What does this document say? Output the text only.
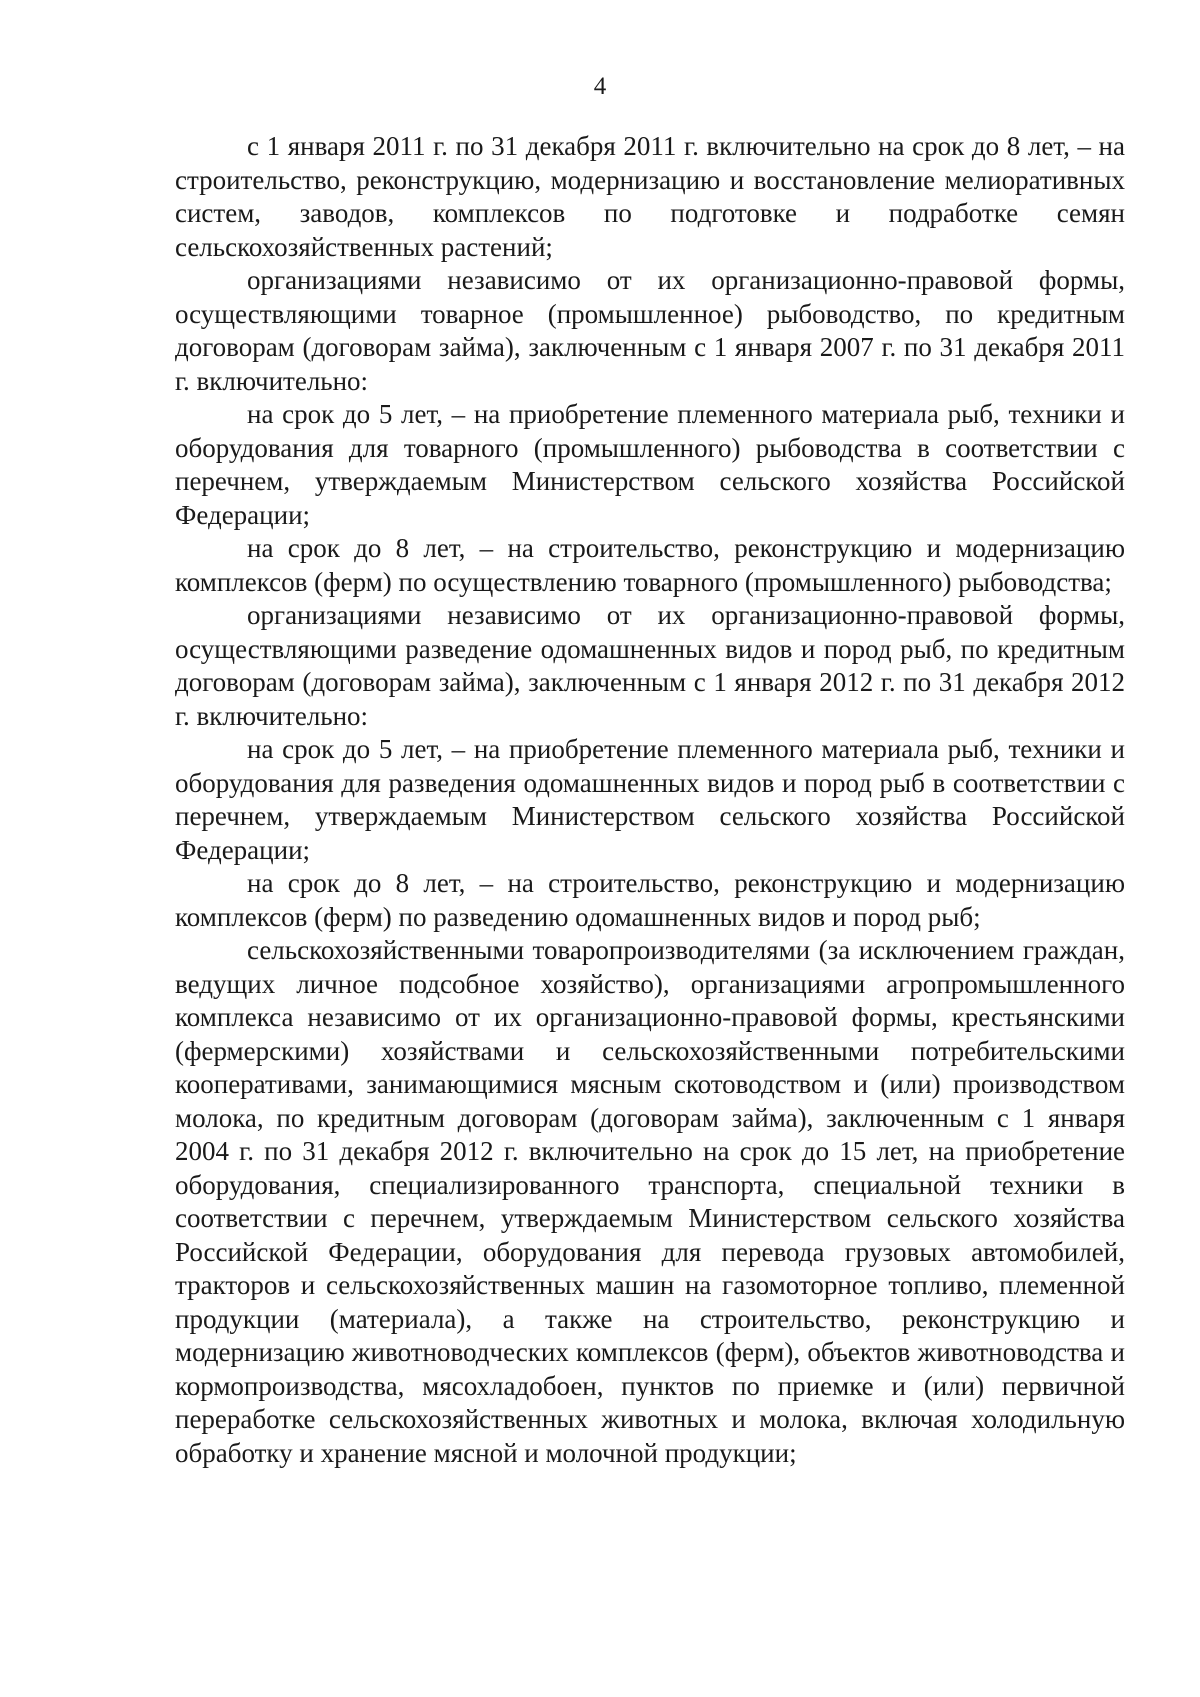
4

с 1 января 2011 г. по 31 декабря 2011 г. включительно на срок до 8 лет, – на строительство, реконструкцию, модернизацию и восстановление мелиоративных систем, заводов, комплексов по подготовке и подработке семян сельскохозяйственных растений;

организациями независимо от их организационно-правовой формы, осуществляющими товарное (промышленное) рыбоводство, по кредитным договорам (договорам займа), заключенным с 1 января 2007 г. по 31 декабря 2011 г. включительно:

на срок до 5 лет, – на приобретение племенного материала рыб, техники и оборудования для товарного (промышленного) рыбоводства в соответствии с перечнем, утверждаемым Министерством сельского хозяйства Российской Федерации;

на срок до 8 лет, – на строительство, реконструкцию и модернизацию комплексов (ферм) по осуществлению товарного (промышленного) рыбоводства;

организациями независимо от их организационно-правовой формы, осуществляющими разведение одомашненных видов и пород рыб, по кредитным договорам (договорам займа), заключенным с 1 января 2012 г. по 31 декабря 2012 г. включительно:

на срок до 5 лет, – на приобретение племенного материала рыб, техники и оборудования для разведения одомашненных видов и пород рыб в соответствии с перечнем, утверждаемым Министерством сельского хозяйства Российской Федерации;

на срок до 8 лет, – на строительство, реконструкцию и модернизацию комплексов (ферм) по разведению одомашненных видов и пород рыб;

сельскохозяйственными товаропроизводителями (за исключением граждан, ведущих личное подсобное хозяйство), организациями агропромышленного комплекса независимо от их организационно-правовой формы, крестьянскими (фермерскими) хозяйствами и сельскохозяйственными потребительскими кооперативами, занимающимися мясным скотоводством и (или) производством молока, по кредитным договорам (договорам займа), заключенным с 1 января 2004 г. по 31 декабря 2012 г. включительно на срок до 15 лет, на приобретение оборудования, специализированного транспорта, специальной техники в соответствии с перечнем, утверждаемым Министерством сельского хозяйства Российской Федерации, оборудования для перевода грузовых автомобилей, тракторов и сельскохозяйственных машин на газомоторное топливо, племенной продукции (материала), а также на строительство, реконструкцию и модернизацию животноводческих комплексов (ферм), объектов животноводства и кормопроизводства, мясохладобоен, пунктов по приемке и (или) первичной переработке сельскохозяйственных животных и молока, включая холодильную обработку и хранение мясной и молочной продукции;
